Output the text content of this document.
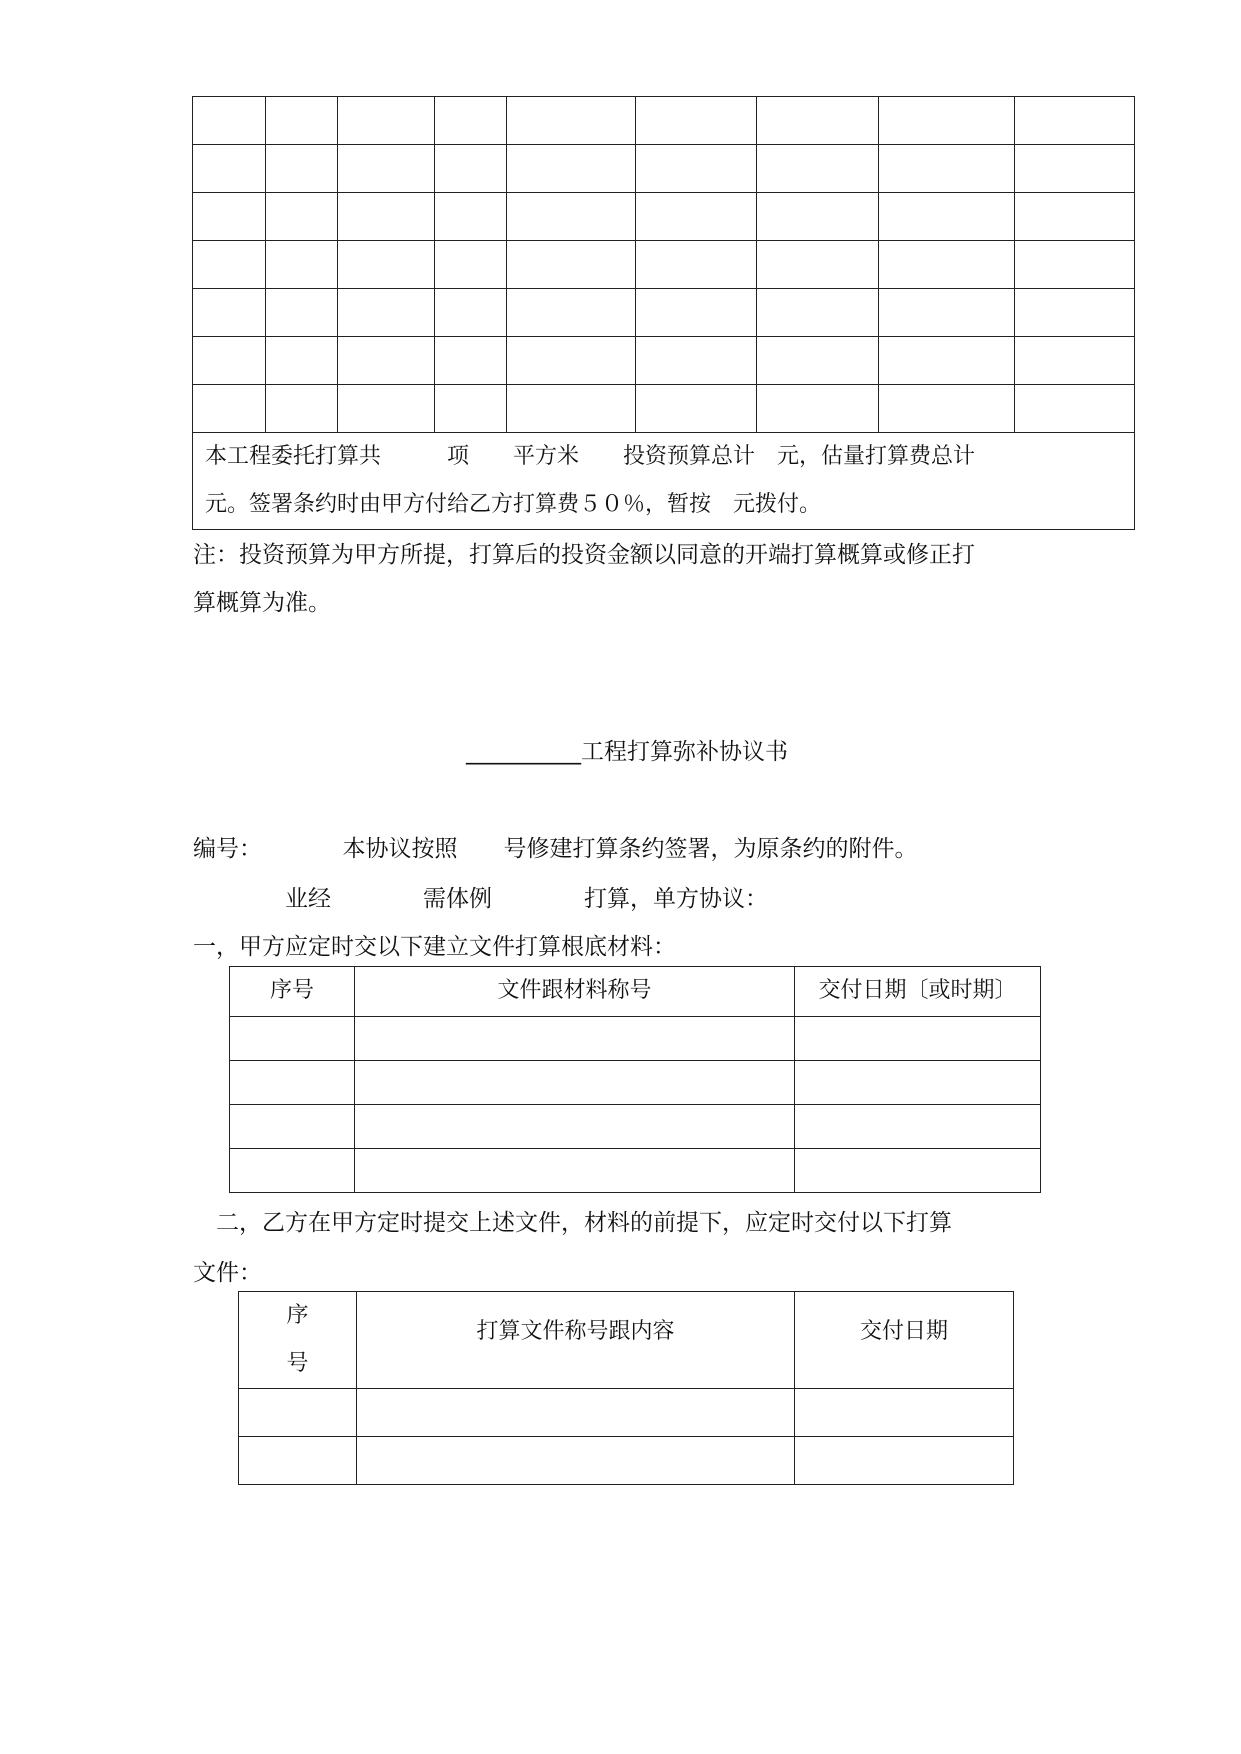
本工程委托打算共　　　项　　平方米　　投资预算总计　元，估量打算费总计
元。签署条约时由甲方付给乙方打算费５０％，暂按　元拨付。								
注：投资预算为甲方所提，打算后的投资金额以同意的开端打算概算或修正打
算概算为准。
__________工程打算弥补协议书
编号：　　　　本协议按照　　号修建打算条约签署，为原条约的附件。
　　　　业经　　　　需体例　　　　打算，单方协议：
一，甲方应定时交以下建立文件打算根底材料：
序号	文件跟材料称号	交付日期〔或时期〕

　二，乙方在甲方定时提交上述文件，材料的前提下，应定时交付以下打算
文件：
序
号	打算文件称号跟内容	交付日期
